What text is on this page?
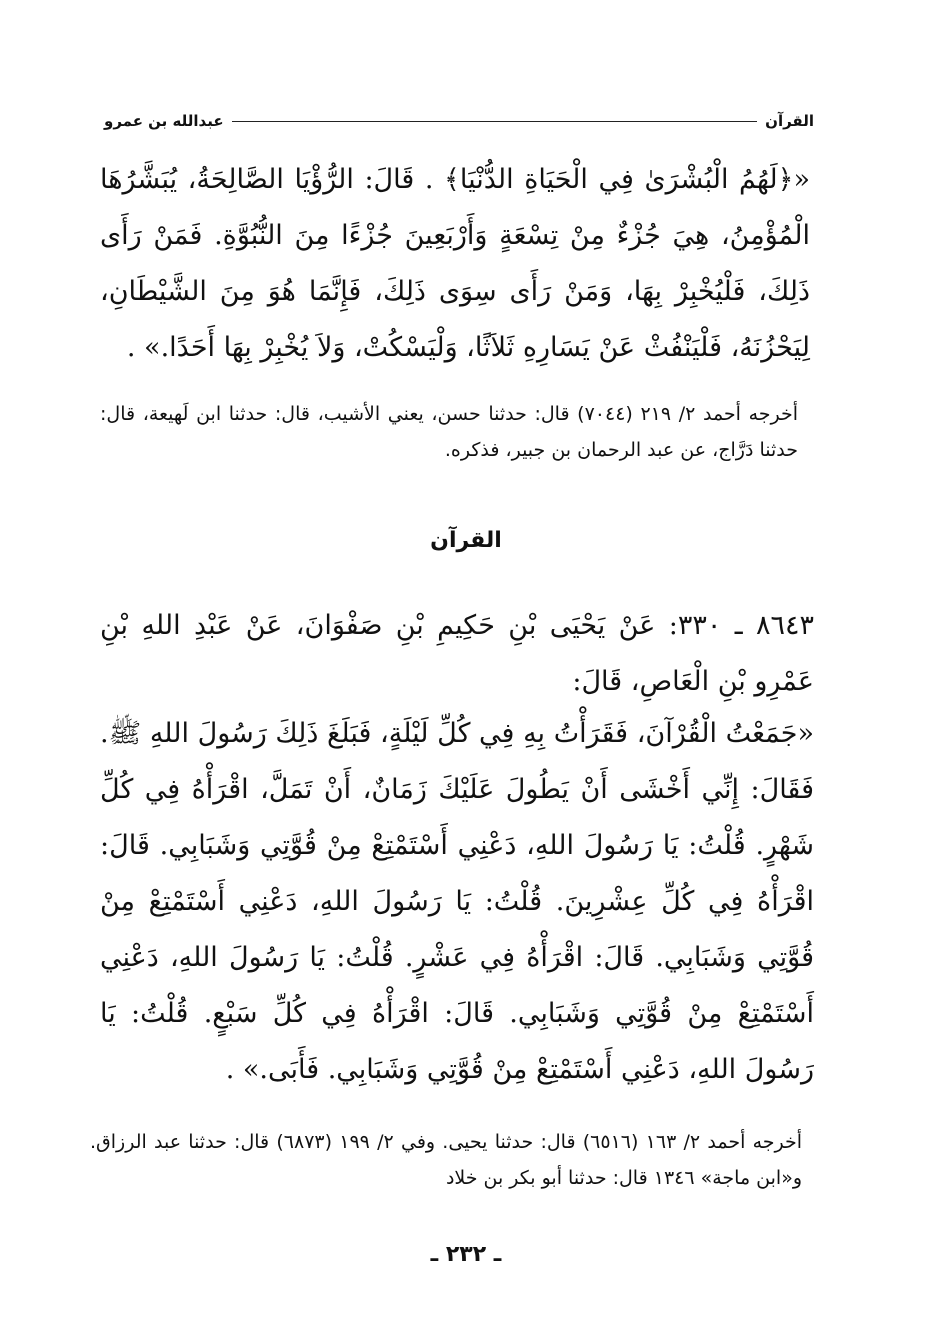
القرآن
عبدالله بن عمرو

«﴿لَهُمُ الْبُشْرَىٰ فِي الْحَيَاةِ الدُّنْيَا﴾ . قَالَ: الرُّؤْيَا الصَّالِحَةُ، يُبَشَّرُهَا الْمُؤْمِنُ، هِيَ جُزْءٌ مِنْ تِسْعَةٍ وَأَرْبَعِينَ جُزْءًا مِنَ النُّبُوَّةِ. فَمَنْ رَأَى ذَلِكَ، فَلْيُخْبِرْ بِهَا، وَمَنْ رَأَى سِوَى ذَلِكَ، فَإِنَّمَا هُوَ مِنَ الشَّيْطَانِ، لِيَحْزُنَهُ، فَلْيَنْفُثْ عَنْ يَسَارِهِ ثَلاَثًا، وَلْيَسْكُتْ، وَلاَ يُخْبِرْ بِهَا أَحَدًا.» .

أخرجه أحمد ٢/ ٢١٩ (٧٠٤٤) قال: حدثنا حسن، يعني الأشيب، قال: حدثنا ابن لَهيعة، قال: حدثنا دَرَّاج، عن عبد الرحمان بن جبير، فذكره.

القرآن

٨٦٤٣ ـ ٣٣٠: عَنْ يَحْيَى بْنِ حَكِيمِ بْنِ صَفْوَانَ، عَنْ عَبْدِ اللهِ بْنِ عَمْرِو بْنِ الْعَاصِ، قَالَ:

«جَمَعْتُ الْقُرْآنَ، فَقَرَأْتُ بِهِ فِي كُلِّ لَيْلَةٍ، فَبَلَغَ ذَلِكَ رَسُولَ اللهِ ﷺ. فَقَالَ: إِنِّي أَخْشَى أَنْ يَطُولَ عَلَيْكَ زَمَانٌ، أَنْ تَمَلَّ، اقْرَأْهُ فِي كُلِّ شَهْرٍ. قُلْتُ: يَا رَسُولَ اللهِ، دَعْنِي أَسْتَمْتِعْ مِنْ قُوَّتِي وَشَبَابِي. قَالَ: اقْرَأْهُ فِي كُلِّ عِشْرِينَ. قُلْتُ: يَا رَسُولَ اللهِ، دَعْنِي أَسْتَمْتِعْ مِنْ قُوَّتِي وَشَبَابِي. قَالَ: اقْرَأْهُ فِي عَشْرٍ. قُلْتُ: يَا رَسُولَ اللهِ، دَعْنِي أَسْتَمْتِعْ مِنْ قُوَّتِي وَشَبَابِي. قَالَ: اقْرَأْهُ فِي كُلِّ سَبْعٍ. قُلْتُ: يَا رَسُولَ اللهِ، دَعْنِي أَسْتَمْتِعْ مِنْ قُوَّتِي وَشَبَابِي. فَأَبَى.» .

أخرجه أحمد ٢/ ١٦٣ (٦٥١٦) قال: حدثنا يحيى. وفي ٢/ ١٩٩ (٦٨٧٣) قال: حدثنا عبد الرزاق. و«ابن ماجة» ١٣٤٦ قال: حدثنا أبو بكر بن خلاد

ـ ٢٣٢ ـ
